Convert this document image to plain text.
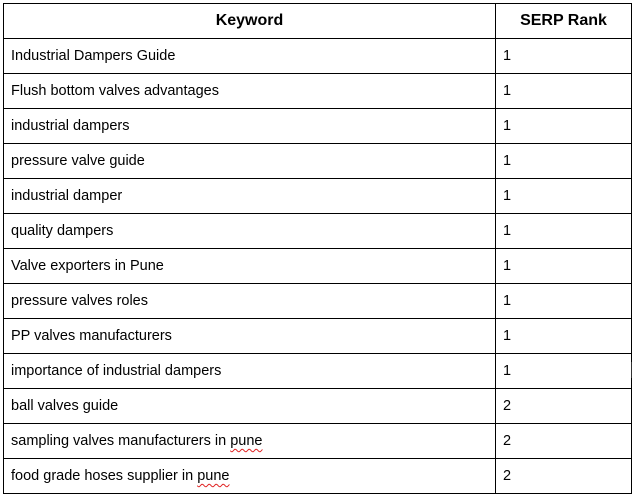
Keyword	SERP Rank
Industrial Dampers Guide	1
Flush bottom valves advantages	1
industrial dampers	1
pressure valve guide	1
industrial damper	1
quality dampers	1
Valve exporters in Pune	1
pressure valves roles	1
PP valves manufacturers	1
importance of industrial dampers	1
ball valves guide	2
sampling valves manufacturers in pune	2
food grade hoses supplier in pune	2
